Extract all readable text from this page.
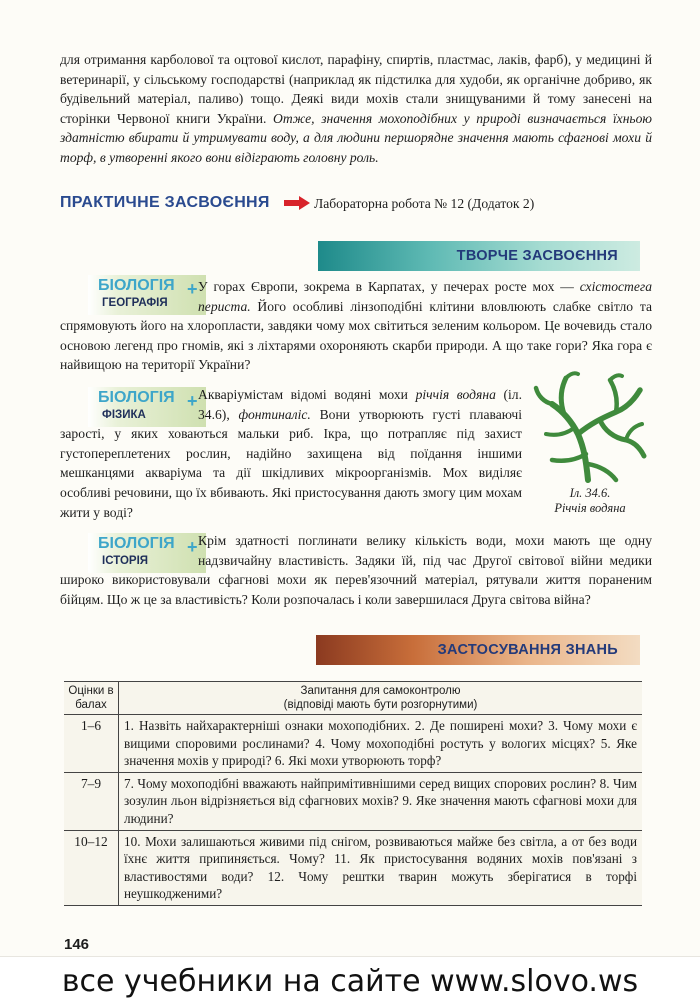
для отримання карболової та оцтової кислот, парафіну, спиртів, пластмас, лаків, фарб), у медицині й ветеринарії, у сільському господарстві (наприклад як підстилка для худоби, як органічне добриво, як будівельний матеріал, паливо) тощо. Деякі види мохів стали знищуваними й тому занесені на сторінки Червоної книги України. Отже, значення мохоподібних у природі визначається їхньою здатністю вбирати й утримувати воду, а для людини першорядне значення мають сфагнові мохи й торф, в утворенні якого вони відіграють головну роль.

ПРАКТИЧНЕ ЗАСВОЄННЯ	Лабораторна робота № 12 (Додаток 2)
ТВОРЧЕ ЗАСВОЄННЯ
БІОЛОГІЯ +
ГЕОГРАФІЯ

У горах Європи, зокрема в Карпатах, у печерах росте мох — схістостега периста. Його особливі лінзоподібні клітини вловлюють слабке світло та спрямовують його на хлоропласти, завдяки чому мох світиться зеленим кольором. Це вочевидь стало основою легенд про гномів, які з ліхтарями охороняють скарби природи. А що таке гори? Яка гора є найвищою на території України?

БІОЛОГІЯ +
ФІЗИКА

Акваріумістам відомі водяні мохи річчія водяна (іл. 34.6), фонтиналіс. Вони утворюють густі плаваючі зарості, у яких ховаються мальки риб. Ікра, що потрапляє під захист густопереплетених рослин, надійно захищена від поїдання іншими мешканцями акваріума та дії шкідливих мікроорганізмів. Мох виділяє особливі речовини, що їх вбивають. Які пристосування дають змогу цим мохам жити у воді?

Іл. 34.6.
Річчія водяна
БІОЛОГІЯ +
ІСТОРІЯ

Крім здатності поглинати велику кількість води, мохи мають ще одну надзвичайну властивість. Задяки їй, під час Другої світової війни медики широко використовували сфагнові мохи як перев'язочний матеріал, рятували життя пораненим бійцям. Що ж це за властивість? Коли розпочалась і коли завершилася Друга світова війна?

ЗАСТОСУВАННЯ ЗНАНЬ
Оцінки в балах	Запитання для самоконтролю
(відповіді мають бути розгорнутими)

1–6	1. Назвіть найхарактерніші ознаки мохоподібних. 2. Де поширені мохи? 3. Чому мохи є вищими споровими рослинами? 4. Чому мохоподібні ростуть у вологих місцях? 5. Яке значення мохів у природі? 6. Які мохи утворюють торф?
7–9	7. Чому мохоподібні вважають найпримітивнішими серед вищих спорових рослин? 8. Чим зозулин льон відрізняється від сфагнових мохів? 9. Яке значення мають сфагнові мохи для людини?
10–12	10. Мохи залишаються живими під снігом, розвиваються майже без світла, а от без води їхнє життя припиняється. Чому? 11. Як пристосування водяних мохів пов'язані з властивостями води? 12. Чому рештки тварин можуть зберігатися в торфі неушкодженими?
146
все учебники на сайте www.slovo.ws
